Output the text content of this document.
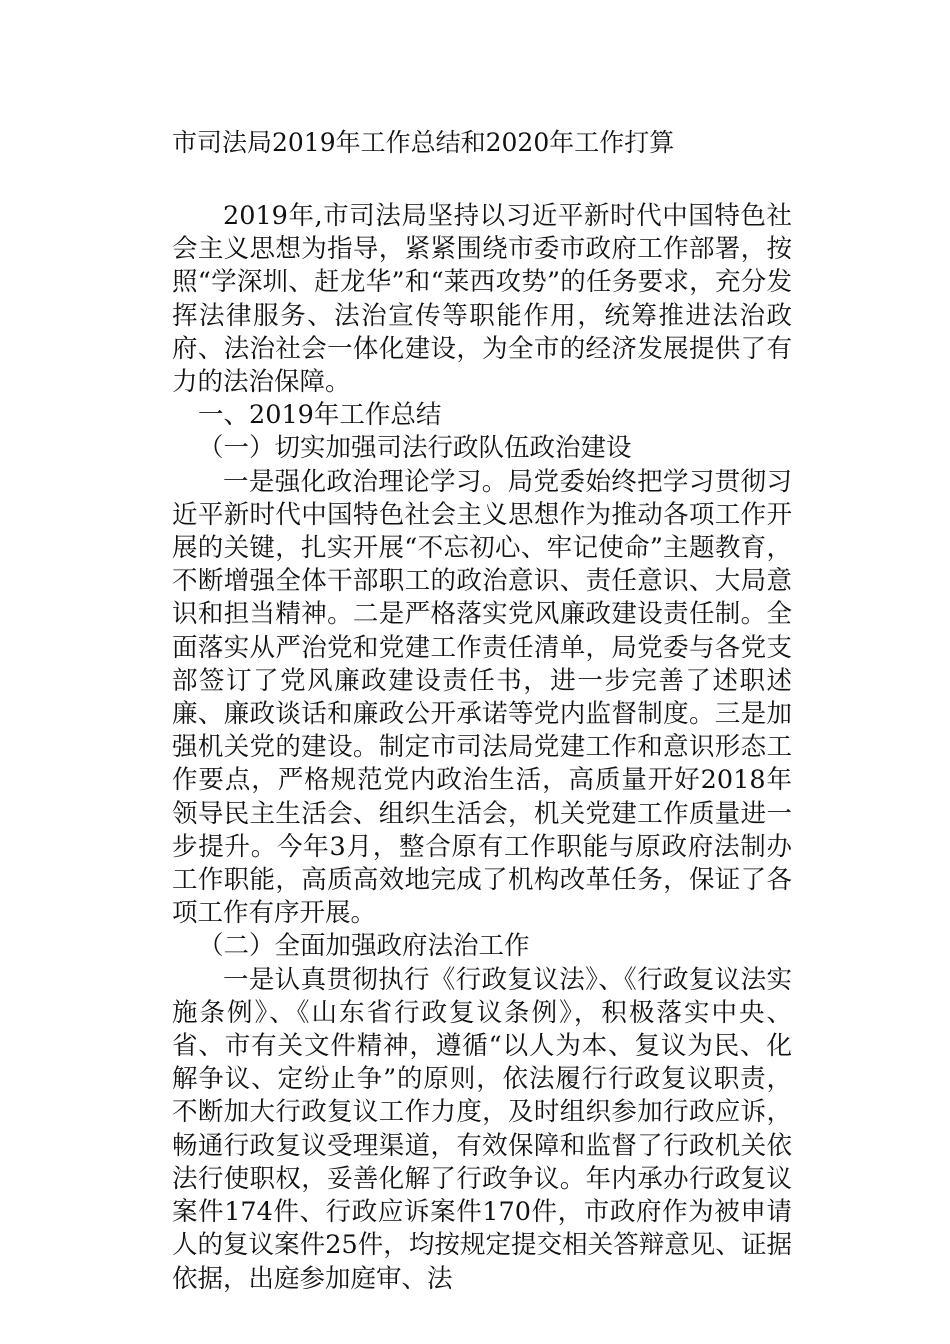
市司法局2019年工作总结和2020年工作打算

2019年,市司法局坚持以习近平新时代中国特色社会主义思想为指导，紧紧围绕市委市政府工作部署，按照“学深圳、赶龙华”和“莱西攻势”的任务要求，充分发挥法律服务、法治宣传等职能作用，统筹推进法治政府、法治社会一体化建设，为全市的经济发展提供了有力的法治保障。

一、2019年工作总结

（一）切实加强司法行政队伍政治建设

一是强化政治理论学习。局党委始终把学习贯彻习近平新时代中国特色社会主义思想作为推动各项工作开展的关键，扎实开展“不忘初心、牢记使命”主题教育，不断增强全体干部职工的政治意识、责任意识、大局意识和担当精神。二是严格落实党风廉政建设责任制。全面落实从严治党和党建工作责任清单，局党委与各党支部签订了党风廉政建设责任书，进一步完善了述职述廉、廉政谈话和廉政公开承诺等党内监督制度。三是加强机关党的建设。制定市司法局党建工作和意识形态工作要点，严格规范党内政治生活，高质量开好2018年领导民主生活会、组织生活会，机关党建工作质量进一步提升。今年3月，整合原有工作职能与原政府法制办工作职能，高质高效地完成了机构改革任务，保证了各项工作有序开展。

（二）全面加强政府法治工作

一是认真贯彻执行《行政复议法》、《行政复议法实施条例》、《山东省行政复议条例》，积极落实中央、省、市有关文件精神，遵循“以人为本、复议为民、化解争议、定纷止争”的原则，依法履行行政复议职责，不断加大行政复议工作力度，及时组织参加行政应诉，畅通行政复议受理渠道，有效保障和监督了行政机关依法行使职权，妥善化解了行政争议。年内承办行政复议案件174件、行政应诉案件170件，市政府作为被申请人的复议案件25件，均按规定提交相关答辩意见、证据依据，出庭参加庭审、法
